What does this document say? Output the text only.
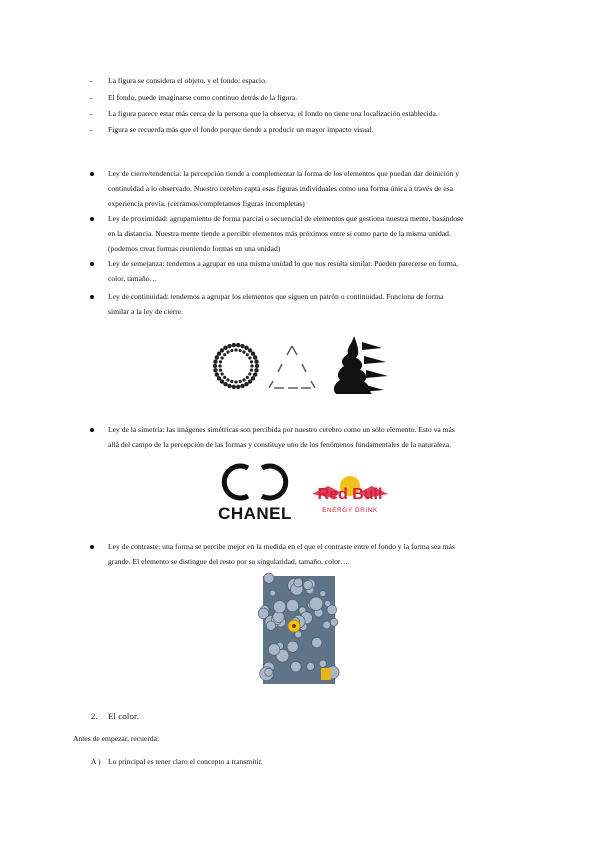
- La figura se considera el objeto, y el fondo: espacio.
- El fondo, puede imaginarse como continuo detrás de la figura.
- La figura parece estar más cerca de la persona que la observa, el fondo no tiene una localización establecida.
- Figura se recuerda más que el fondo porque tiende a producir un mayor impacto visual.
Ley de cierre/tendencia: la percepción tiende a complementar la forma de los elementos que puedan dar deinición y
continuidad a lo observado. Nuestro cerebro capta esas figuras individuales como una forma única a través de esa
experiencia previa. (cerramos/completamos figuras incompletas)
Ley de proximidad: agrupamiento de forma parcial o secuencial de elementos que gestiona nuestra mente, basándose
en la distancia. Nuestra mente tiende a percibir elementos más próximos entre si como parte de la misma unidad.
(podemos crear formas reuniendo formas en una unidad)
Ley de semejanza: tendemos a agrupar en una misma unidad lo que nos resulta similar. Pueden parecerse en forma,
color, tamaño…
Ley de continuidad: tendemos a agrupar los elementos que siguen un patrón o continuidad. Funciona de forma
similar a la ley de cierre.
Ley de la simetría: las imágenes simétricas son percibida por nuestro cerebro como un sólo elemento. Esto va más
allá del campo de la percepción de las formas y constituye uno de los fenómenos fundamentales de la naturaleza.
CHANEL
Red Bull
ENERGY DRINK
Ley de contraste: una forma se percibe mejor en la medida en el que el contraste entre el fondo y la forma sea más
grande. El elemento se distingue del resto por su singularidad, tamaño, color…
2. El color.
Antes de empezar, recuerda:
A ) Lo principal es tener claro el concepto a transmitir.
